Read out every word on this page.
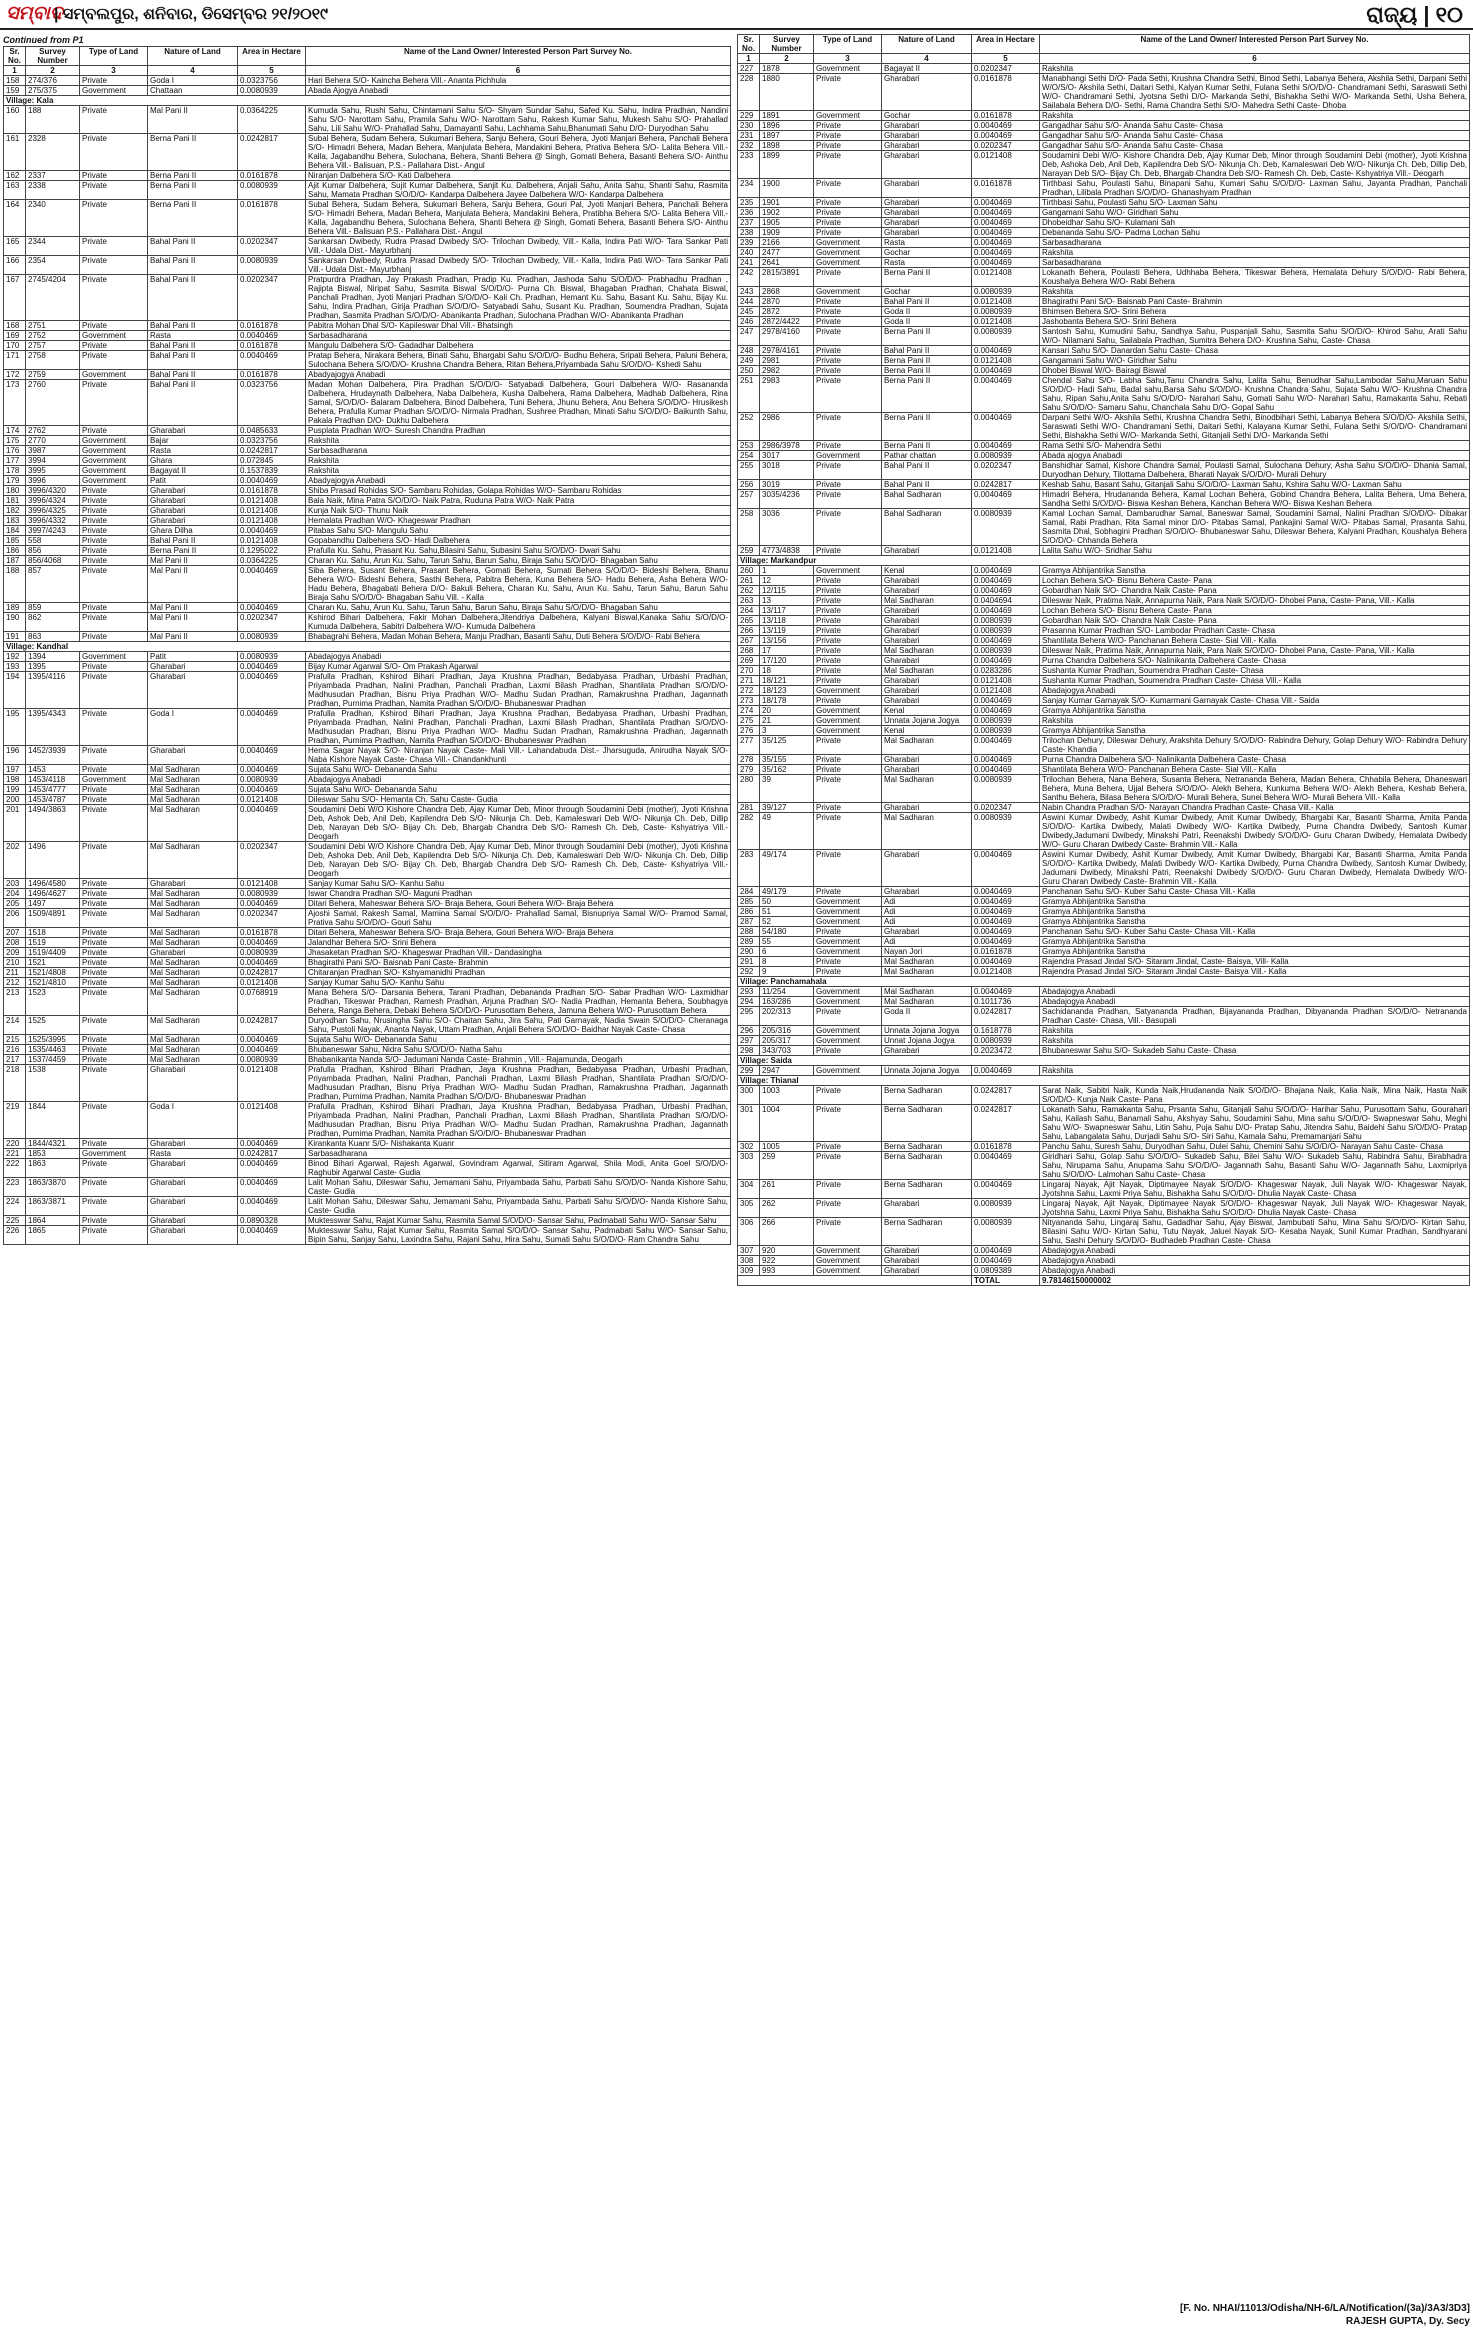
ସମ୍ବାଦ
| ସମ୍ବଲପୁର, ଶନିବାର, ଡିସେମ୍ବର ୨୧/୨୦୧୯	ରାଜ୍ୟ | ୧୦
Continued from P1
Sr. No.	Survey Number	Type of Land	Nature of Land	Area in Hectare	Name of the Land Owner/ Interested Person Part Survey No.
1	2	3	4	5	6
158	274/376	Private	Goda I	0.0323756	Hari Behera S/O- Kaincha Behera Vill.- Ananta Pichhula
159	275/375	Government	Chattaan	0.0080939	Abada Ajogya Anabadi
Village: Kala					
160	188	Private	Mal Pani II	0.0364225	Kumuda Sahu, Rushi Sahu, Chintamani Sahu S/O- Shyam Sundar Sahu, Safed Ku. Sahu, Indira Pradhan, Nandini Sahu S/O- Narottam Sahu, Pramila Sahu W/O- Narottam Sahu, Rakesh Kumar Sahu, Mukesh Sahu S/O- Prahallad Sahu, Lili Sahu W/O- Prahallad Sahu, Damayanti Sahu, Lachhama Sahu,Bhanumati Sahu D/O- Duryodhan Sahu
161	2328	Private	Berna Pani II	0.0242817	Subal Behera, Sudam Behera, Sukumari Behera, Sanju Behera, Gouri Behera, Jyoti Manjari Behera, Panchali Behera S/O- Himadri Behera, Madan Behera, Manjulata Behera, Mandakini Behera, Prativa Behera S/O- Lalita Behera Vill.- Kalla, Jagabandhu Behera, Sulochana, Behera, Shanti Behera @ Singh, Gomati Behera, Basanti Behera S/O- Ainthu Behera Vill.- Balisuan, P.S.- Pallahara Dist.- Angul
162	2337	Private	Berna Pani II	0.0161878	Niranjan Dalbehera S/O- Kati Dalbehera
163	2338	Private	Berna Pani II	0.0080939	Ajit Kumar Dalbehera, Sujit Kumar Dalbehera, Sanjit Ku. Dalbehera, Anjali Sahu, Anita Sahu, Shanti Sahu, Rasmita Sahu, Mamata Pradhan S/O/D/O- Kandarpa Dalbehera Jayee Dalbehera W/O- Kandarpa Dalbehera
164	2340	Private	Berna Pani II	0.0161878	Subal Behera, Sudam Behera, Sukumari Behera, Sanju Behera, Gouri Pal, Jyoti Manjari Behera, Panchali Behera S/O- Himadri Behera, Madan Behera, Manjulata Behera, Mandakini Behera, Pratibha Behera S/O- Lalita Behera Vill.- Kalla, Jagabandhu Behera, Sulochana Behera, Shanti Behera @ Singh, Gomati Behera, Basanti Behera S/O- Ainthu Behera Vill.- Balisuan P.S.- Pallahara Dist.- Angul
165	2344	Private	Bahal Pani II	0.0202347	Sankarsan Dwibedy, Rudra Prasad Dwibedy S/O- Trilochan Dwibedy, Vill.- Kalla, Indira Pati W/O- Tara Sankar Pati Vill.- Udala Dist.- Mayurbhanj
166	2354	Private	Bahal Pani II	0.0080939	Sankarsan Dwibedy, Rudra Prasad Dwibedy S/O- Trilochan Dwibedy, Vill.- Kalla, Indira Pati W/O- Tara Sankar Pati Vill.- Udala Dist.- Mayurbhanj
167	2745/4204	Private	Bahal Pani II	0.0202347	Pratpurdra Pradhan, Jay Prakash Pradhan, Pradip Ku. Pradhan, Jashoda Sahu S/O/D/O- Prabhadhu Pradhan , Rajipta Biswal, Niripat Sahu, Sasmita Biswal S/O/D/O- Purna Ch. Biswal, Bhagaban Pradhan, Chahata Biswal, Panchali Pradhan, Jyoti Manjari Pradhan S/O/D/O- Kali Ch. Pradhan, Hemant Ku. Sahu, Basant Ku. Sahu, Bijay Ku. Sahu, Indira Pradhan, Girija Pradhan S/O/D/O- Satyabadi Sahu, Susant Ku. Pradhan, Soumendra Pradhan, Sujata Pradhan, Sasmita Pradhan S/O/D/O- Abanikanta Pradhan, Sulochana Pradhan W/O- Abanikanta Pradhan
168	2751	Private	Bahal Pani II	0.0161878	Pabitra Mohan Dhal S/O- Kapileswar Dhal Vill.- Bhatsingh
169	2752	Government	Rasta	0.0040469	Sarbasadharana
170	2757	Private	Bahal Pani II	0.0161878	Mangulu Dalbehera S/O- Gadadhar Dalbehera
171	2758	Private	Bahal Pani II	0.0040469	Pratap Behera, Nirakara Behera, Binati Sahu, Bhargabi Sahu S/O/D/O- Budhu Behera, Sripati Behera, Paluni Behera, Sulochana Behera S/O/D/O- Krushna Chandra Behera, Ritan Behera,Priyambada Sahu S/O/D/O- Kshedi Sahu
172	2759	Government	Bahal Pani II	0.0161878	Abadyajogya Anabadi
173	2760	Private	Bahal Pani II	0.0323756	Madan Mohan Dalbehera, Pira Pradhan S/O/D/O- Satyabadi Dalbehera, Gouri Dalbehera W/O- Rasananda Dalbehera, Hrudaynath Dalbehera, Naba Dalbehera, Kusha Dalbehera, Rama Dalbehera, Madhab Dalbehera, Rina Samal, S/O/D/O- Balaram Dalbehera, Binod Dalbehera, Tuni Behera, Jhunu Behera, Anu Behera S/O/D/O- Hrusikesh Behera, Prafulla Kumar Pradhan S/O/D/O- Nirmala Pradhan, Sushree Pradhan, Minati Sahu S/O/D/O- Baikunth Sahu, Pakala Pradhan D/O- Dukhu Dalbehera
174	2762	Private	Gharabari	0.0485633	Pusplata Pradhan W/O- Suresh Chandra Pradhan
175	2770	Government	Bajar	0.0323756	Rakshita
176	3987	Government	Rasta	0.0242817	Sarbasadharana
177	3994	Government	Ghara	0.072845	Rakshita
178	3995	Government	Bagayat II	0.1537839	Rakshita
179	3996	Government	Patit	0.0040469	Abadyajogya Anabadi
180	3996/4320	Private	Gharabari	0.0161878	Shiba Prasad Rohidas S/O- Sambaru Rohidas, Golapa Rohidas W/O- Sambaru Rohidas
181	3996/4324	Private	Gharabari	0.0121408	Bala Naik, Mina Patra S/O/D/O- Naik Patra, Ruduna Patra W/O- Naik Patra
182	3996/4325	Private	Gharabari	0.0121408	Kunja Naik S/O- Thunu Naik
183	3996/4332	Private	Gharabari	0.0121408	Hemalata Pradhan W/O- Khageswar Pradhan
184	3997/4243	Private	Ghara Dilha	0.0040469	Pitabas Sahu S/O- Mangulu Sahu
185	558	Private	Bahal Pani II	0.0121408	Gopabandhu Dalbehera S/O- Hadi Dalbehera
186	856	Private	Berna Pani II	0.1295022	Prafulla Ku. Sahu, Prasant Ku. Sahu,Bilasini Sahu, Subasini Sahu S/O/D/O- Dwari Sahu
187	856/4068	Private	Mal Pani II	0.0364225	Charan Ku. Sahu, Arun Ku. Sahu, Tarun Sahu, Barun Sahu, Biraja Sahu S/O/D/O- Bhagaban Sahu
188	857	Private	Mal Pani II	0.0040469	Siba Behera, Susant Behera, Prasant Behera, Gomati Behera, Sumati Behera S/O/D/O- Bideshi Behera, Bhanu Behera W/O- Bideshi Behera, Sasthi Behera, Pabitra Behera, Kuna Behera S/O- Hadu Behera, Asha Behera W/O- Hadu Behera, Bhagabati Behera D/O- Bakuli Behera, Charan Ku. Sahu, Arun Ku. Sahu, Tarun Sahu, Barun Sahu Biraja Sahu S/O/D/O- Bhagaban Sahu Vill. - Kalla
189	859	Private	Mal Pani II	0.0040469	Charan Ku. Sahu, Arun Ku. Sahu, Tarun Sahu, Barun Sahu, Biraja Sahu S/O/D/O- Bhagaban Sahu
190	862	Private	Mal Pani II	0.0202347	Kshirod Bihari Dalbehera, Fakir Mohan Dalbehera,Jitendriya Dalbehera, Kalyani Biswal,Kanaka Sahu S/O/D/O- Kumuda Dalbehera, Sabitri Dalbehera W/O- Kumuda Dalbehera
191	863	Private	Mal Pani II	0.0080939	Bhabagrahi Behera, Madan Mohan Behera, Manju Pradhan, Basanti Sahu, Duti Behera S/O/D/O- Rabi Behera
Village: Kandhal					
192	1394	Government	Patit	0.0080939	Abadajogya Anabadi
193	1395	Private	Gharabari	0.0040469	Bijay Kumar Agarwal S/O- Om Prakash Agarwal
194	1395/4116	Private	Gharabari	0.0040469	Prafulla Pradhan, Kshirod Bihari Pradhan, Jaya Krushna Pradhan, Bedabyasa Pradhan, Urbashi Pradhan, Priyambada Pradhan, Nalini Pradhan, Panchali Pradhan, Laxmi Bilash Pradhan, Shantilata Pradhan S/O/D/O- Madhusudan Pradhan, Bisnu Priya Pradhan W/O- Madhu Sudan Pradhan, Ramakrushna Pradhan, Jagannath Pradhan, Purnima Pradhan, Namita Pradhan S/O/D/O- Bhubaneswar Pradhan
195	1395/4343	Private	Goda I	0.0040469	Prafulla Pradhan, Kshirod Bihari Pradhan, Jaya Krushna Pradhan, Bedabyasa Pradhan, Urbashi Pradhan, Priyambada Pradhan, Nalini Pradhan, Panchali Pradhan, Laxmi Bilash Pradhan, Shantilata Pradhan S/O/D/O- Madhusudan Pradhan, Bisnu Priya Pradhan W/O- Madhu Sudan Pradhan, Ramakrushna Pradhan, Jagannath Pradhan, Purnima Pradhan, Namita Pradhan S/O/D/O- Bhubaneswar Pradhan
196	1452/3939	Private	Gharabari	0.0040469	Hema Sagar Nayak S/O- Niranjan Nayak Caste- Mali Vill.- Lahandabuda Dist.- Jharsuguda, Anirudha Nayak S/O- Naba Kishore Nayak Caste- Chasa Vill.- Chandankhunti
197	1453	Private	Mal Sadharan	0.0040469	Sujata Sahu W/O- Debananda Sahu
198	1453/4118	Government	Mal Sadharan	0.0080939	Abadajogya Anabadi
199	1453/4777	Private	Mal Sadharan	0.0040469	Sujata Sahu W/O- Debananda Sahu
200	1453/4787	Private	Mal Sadharan	0.0121408	Dileswar Sahu S/O- Hemanta Ch. Sahu Caste- Gudia
201	1494/3863	Private	Mal Sadharan	0.0040469	Soudamini Debi W/O Kishore Chandra Deb, Ajay Kumar Deb, Minor through Soudamini Debi (mother), Jyoti Krishna Deb, Ashok Deb, Anil Deb, Kapilendra Deb S/O- Nikunja Ch. Deb, Kamaleswari Deb W/O- Nikunja Ch. Deb, Dillip Deb, Narayan Deb S/O- Bijay Ch. Deb, Bhargab Chandra Deb S/O- Ramesh Ch. Deb, Caste- Kshyatriya Vill.- Deogarh
202	1496	Private	Mal Sadharan	0.0202347	Soudamini Debi W/O Kishore Chandra Deb, Ajay Kumar Deb, Minor through Soudamini Debi (mother), Jyoti Krishna Deb, Ashoka Deb, Anil Deb, Kapilendra Deb S/O- Nikunja Ch. Deb, Kamaleswari Deb W/O- Nikunja Ch. Deb, Dillip Deb, Narayan Deb S/O- Bijay Ch. Deb, Bhargab Chandra Deb S/O- Ramesh Ch. Deb, Caste- Kshyatriya Vill.- Deogarh
203	1496/4580	Private	Gharabari	0.0121408	Sanjay Kumar Sahu S/O- Kanhu Sahu
204	1496/4627	Private	Mal Sadharan	0.0080939	Iswar Chandra Pradhan S/O- Maguni Pradhan
205	1497	Private	Mal Sadharan	0.0040469	Ditari Behera, Maheswar Behera S/O- Braja Behera, Gouri Behera W/O- Braja Behera
206	1509/4891	Private	Mal Sadharan	0.0202347	Ajoshi Samal, Rakesh Samal, Mamina Samal S/O/D/O- Prahallad Samal, Bisnupriya Samal W/O- Pramod Samal, Prativa Sahu S/O/D/O- Gouri Sahu
207	1518	Private	Mal Sadharan	0.0161878	Ditari Behera, Maheswar Behera S/O- Braja Behera, Gouri Behera W/O- Braja Behera
208	1519	Private	Mal Sadharan	0.0040469	Jalandhar Behera S/O- Srini Behera
209	1519/4409	Private	Gharabari	0.0080939	Jhasaketan Pradhan S/O- Khageswar Pradhan Vill.- Dandasingha
210	1521	Private	Mal Sadharan	0.0040469	Bhagirathi Pani S/O- Baisnab Pani Caste- Brahmin
211	1521/4808	Private	Mal Sadharan	0.0242817	Chitaranjan Pradhan S/O- Kshyamanidhi Pradhan
212	1521/4810	Private	Mal Sadharan	0.0121408	Sanjay Kumar Sahu S/O- Kanhu Sahu
213	1523	Private	Mal Sadharan	0.0768919	Mana Behera S/O- Darsania Behera, Tarani Pradhan, Debananda Pradhan S/O- Sabar Pradhan W/O- Laxmidhar Pradhan, Tikeswar Pradhan, Ramesh Pradhan, Arjuna Pradhan S/O- Nadia Pradhan, Hemanta Behera, Soubhagya Behera, Ranga Behera, Debaki Behera S/O/D/O- Purusottam Behera, Jamuna Behera W/O- Purusottam Behera
214	1525	Private	Mal Sadharan	0.0242817	Duryodhan Sahu, Nrusingha Sahu S/O- Chaitan Sahu, Jira Sahu, Pati Garnayak, Nadia Swain S/O/D/O- Cheranaga Sahu, Pustoli Nayak, Ananta Nayak, Uttam Pradhan, Anjali Behera S/O/D/O- Baidhar Nayak Caste- Chasa
215	1525/3995	Private	Mal Sadharan	0.0040469	Sujata Sahu W/O- Debananda Sahu
216	1535/4463	Private	Mal Sadharan	0.0040469	Bhubaneswar Sahu, Nidra Sahu S/O/D/O- Natha Sahu
217	1537/4459	Private	Mal Sadharan	0.0080939	Bhabanikanta Nanda S/O- Jadumani Nanda Caste- Brahmin , Vill.- Rajamunda, Deogarh
218	1538	Private	Gharabari	0.0121408	Prafulla Pradhan, Kshirod Bihari Pradhan, Jaya Krushna Pradhan, Bedabyasa Pradhan, Urbashi Pradhan, Priyambada Pradhan, Nalini Pradhan, Panchali Pradhan, Laxmi Bilash Pradhan, Shantilata Pradhan S/O/D/O- Madhusudan Pradhan, Bisnu Priya Pradhan W/O- Madhu Sudan Pradhan, Ramakrushna Pradhan, Jagannath Pradhan, Purnima Pradhan, Namita Pradhan S/O/D/O- Bhubaneswar Pradhan
219	1844	Private	Goda I	0.0121408	Prafulla Pradhan, Kshirod Bihari Pradhan, Jaya Krushna Pradhan, Bedabyasa Pradhan, Urbashi Pradhan, Priyambada Pradhan, Nalini Pradhan, Panchali Pradhan, Laxmi Bilash Pradhan, Shantilata Pradhan S/O/D/O- Madhusudan Pradhan, Bisnu Priya Pradhan W/O- Madhu Sudan Pradhan, Ramakrushna Pradhan, Jagannath Pradhan, Purnima Pradhan, Namita Pradhan S/O/D/O- Bhubaneswar Pradhan
220	1844/4321	Private	Gharabari	0.0040469	Kirankanta Kuanr S/O- Nishakanta Kuanr
221	1853	Government	Rasta	0.0242817	Sarbasadharana
222	1863	Private	Gharabari	0.0040469	Binod Bihari Agarwal, Rajesh Agarwal, Govindram Agarwal, Sitiram Agarwal, Shila Modi, Anita Goel S/O/D/O- Raghubir Agarwal Caste- Gudia
223	1863/3870	Private	Gharabari	0.0040469	Lalit Mohan Sahu, Dileswar Sahu, Jemamani Sahu, Priyambada Sahu, Parbati Sahu S/O/D/O- Nanda Kishore Sahu, Caste- Gudia
224	1863/3871	Private	Gharabari	0.0040469	Lalit Mohan Sahu, Dileswar Sahu, Jemamani Sahu, Priyambada Sahu, Parbati Sahu S/O/D/O- Nanda Kishore Sahu, Caste- Gudia
225	1864	Private	Gharabari	0.0890328	Muktesswar Sahu, Rajat Kumar Sahu, Rasmita Samal S/O/D/O- Sansar Sahu, Padmabati Sahu W/O- Sansar Sahu
226	1865	Private	Gharabari	0.0040469	Muktesswar Sahu, Rajat Kumar Sahu, Rasmita Samal S/O/D/O- Sansar Sahu, Padmabati Sahu W/O- Sansar Sahu, Bipin Sahu, Sanjay Sahu, Laxindra Sahu, Rajani Sahu, Hira Sahu, Sumati Sahu S/O/D/O- Ram Chandra Sahu
Sr. No.	Survey Number	Type of Land	Nature of Land	Area in Hectare	Name of the Land Owner/ Interested Person Part Survey No.
1	2	3	4	5	6
227	1878	Government	Bagayat II	0.0202347	Rakshita
228	1880	Private	Gharabari	0.0161878	Manabhangi Sethi D/O- Pada Sethi, Krushna Chandra Sethi, Binod Sethi, Labanya Behera, Akshila Sethi, Darpani Sethi W/O/S/O- Akshila Sethi, Daitari Sethi, Kalyan Kumar Sethi, Fulana Sethi S/O/D/O- Chandramani Sethi, Saraswati Sethi W/O- Chandramani Sethi, Jyotsna Sethi D/O- Markanda Sethi, Bishakha Sethi W/O- Markanda Sethi, Usha Behera, Sailabala Behera D/O- Sethi, Rama Chandra Sethi S/O- Mahedra Sethi Caste- Dhoba
229	1891	Government	Gochar	0.0161878	Rakshita
230	1896	Private	Gharabari	0.0040469	Gangadhar Sahu S/O- Ananda Sahu Caste- Chasa
231	1897	Private	Gharabari	0.0040469	Gangadhar Sahu S/O- Ananda Sahu Caste- Chasa
232	1898	Private	Gharabari	0.0202347	Gangadhar Sahu S/O- Ananda Sahu Caste- Chasa
233	1899	Private	Gharabari	0.0121408	Soudamini Debi W/O- Kishore Chandra Deb, Ajay Kumar Deb, Minor through Soudamini Debi (mother), Jyoti Krishna Deb, Ashoka Deb, Anil Deb, Kapilendra Deb S/O- Nikunja Ch. Deb, Kamaleswari Deb W/O- Nikunja Ch. Deb, Dillip Deb, Narayan Deb S/O- Bijay Ch. Deb, Bhargab Chandra Deb S/O- Ramesh Ch. Deb, Caste- Kshyatriya Vill.- Deogarh
234	1900	Private	Gharabari	0.0161878	Tirthbasi Sahu, Poulasti Sahu, Binapani Sahu, Kumari Sahu S/O/D/O- Laxman Sahu, Jayanta Pradhan, Panchali Pradhan, Lilibala Pradhan S/O/D/O- Ghanashyam Pradhan
235	1901	Private	Gharabari	0.0040469	Tirthbasi Sahu, Poulasti Sahu S/O- Laxman Sahu
236	1902	Private	Gharabari	0.0040469	Gangamani Sahu W/O- Giridhari Sahu
237	1905	Private	Gharabari	0.0040469	Dhobeidhar Sahu S/O- Kulamani Sah
238	1909	Private	Gharabari	0.0040469	Debananda Sahu S/O- Padma Lochan Sahu
239	2166	Government	Rasta	0.0040469	Sarbasadharana
240	2477	Government	Gochar	0.0040469	Rakshita
241	2641	Government	Rasta	0.0040469	Sarbasadharana
242	2815/3891	Private	Berna Pani II	0.0121408	Lokanath Behera, Poulasti Behera, Udhhaba Behera, Tikeswar Behera, Hemalata Dehury S/O/D/O- Rabi Behera, Koushalya Behera W/O- Rabi Behera
243	2868	Government	Gochar	0.0080939	Rakshita
244	2870	Private	Bahal Pani II	0.0121408	Bhagirathi Pani S/O- Baisnab Pani Caste- Brahmin
245	2872	Private	Goda II	0.0080939	Bhimsen Behera S/O- Srini Behera
246	2872/4422	Private	Goda II	0.0121408	Jashobanta Behera S/O- Srini Behera
247	2978/4160	Private	Berna Pani II	0.0080939	Santosh Sahu, Kumudini Sahu, Sandhya Sahu, Puspanjali Sahu, Sasmita Sahu S/O/D/O- Khirod Sahu, Arati Sahu W/O- Nilamani Sahu, Sailabala Pradhan, Sumitra Behera D/O- Krushna Sahu, Caste- Chasa
248	2978/4161	Private	Bahal Pani II	0.0040469	Kansari Sahu S/O- Danardan Sahu Caste- Chasa
249	2981	Private	Berna Pani II	0.0121408	Gangamani Sahu W/O- Giridhar Sahu
250	2982	Private	Berna Pani II	0.0040469	Dhobei Biswal W/O- Bairagi Biswal
251	2983	Private	Berna Pani II	0.0040469	Chendal Sahu S/O- Labha Sahu,Tanu Chandra Sahu, Lalita Sahu, Benudhar Sahu,Lambodar Sahu,Maruan Sahu S/O/D/O- Hadi Sahu, Badal sahu,Barsa Sahu S/O/D/O- Krushna Chandra Sahu, Sujata Sahu W/O- Krushna Chandra Sahu, Ripan Sahu,Anita Sahu S/O/D/O- Narahari Sahu, Gomati Sahu W/O- Narahari Sahu, Ramakanta Sahu, Rebati Sahu S/O/D/O- Samaru Sahu, Chanchala Sahu D/O- Gopal Sahu
252	2986	Private	Berna Pani II	0.0040469	Darpani Sethi W/O- Akshila Sethi, Krushna Chandra Sethi, Binodbihari Sethi, Labanya Behera S/O/D/O- Akshila Sethi, Saraswati Sethi W/O- Chandramani Sethi, Daitari Sethi, Kalayana Kumar Sethi, Fulana Sethi S/O/D/O- Chandramani Sethi, Bishakha Sethi W/O- Markanda Sethi, Gitanjali Sethi D/O- Markanda Sethi
253	2986/3978	Private	Berna Pani II	0.0040469	Rama Sethi S/O- Mahendra Sethi
254	3017	Government	Pathar chattan	0.0080939	Abada ajogya Anabadi
255	3018	Private	Bahal Pani II	0.0202347	Banshidhar Samal, Kishore Chandra Samal, Poulasti Samal, Sulochana Dehury, Asha Sahu S/O/D/O- Dhania Samal, Duryodhan Dehury, Tilottama Dalbehera, Bharati Nayak S/O/D/O- Murali Dehury
256	3019	Private	Bahal Pani II	0.0242817	Keshab Sahu, Basant Sahu, Gitanjali Sahu S/O/D/O- Laxman Sahu, Kshira Sahu W/O- Laxman Sahu
257	3035/4236	Private	Bahal Sadharan	0.0040469	Himadri Behera, Hrudananda Behera, Kamal Lochan Behera, Gobind Chandra Behera, Lalita Behera, Uma Behera, Sandha Sethi S/O/D/O- Biswa Keshan Behera, Kanchan Behera W/O- Biswa Keshan Behera
258	3036	Private	Bahal Sadharan	0.0080939	Kamal Lochan Samal, Dambarudhar Samal, Baneswar Samal, Soudamini Samal, Nalini Pradhan S/O/D/O- Dibakar Samal, Rabi Pradhan, Rita Samal minor D/O- Pitabas Samal, Pankajini Samal W/O- Pitabas Samal, Prasanta Sahu, Sasmita Dhal, Sobhagini Pradhan S/O/D/O- Bhubaneswar Sahu, Dileswar Behera, Kalyani Pradhan, Koushalya Behera S/O/D/O- Chhanda Behera
259	4773/4838	Private	Gharabari	0.0121408	Lalita Sahu W/O- Sridhar Sahu
Village: Markandpur					
260	1	Government	Kenal	0.0040469	Gramya Abhijantrika Sanstha
261	12	Private	Gharabari	0.0040469	Lochan Behera S/O- Bisnu Behera Caste- Pana
262	12/115	Private	Gharabari	0.0040469	Gobardhan Naik S/O- Chandra Naik Caste- Pana
263	13	Private	Mal Sadharan	0.0404694	Dileswar Naik, Pratima Naik, Annapurna Naik, Para Naik S/O/D/O- Dhobei Pana, Caste- Pana, Vill.- Kalla
264	13/117	Private	Gharabari	0.0040469	Lochan Behera S/O- Bisnu Behera Caste- Pana
265	13/118	Private	Gharabari	0.0080939	Gobardhan Naik S/O- Chandra Naik Caste- Pana
266	13/119	Private	Gharabari	0.0080939	Prasanna Kumar Pradhan S/O- Lambodar Pradhan Caste- Chasa
267	13/156	Private	Gharabari	0.0040469	Shantilata Behera W/O- Panchanan Behera Caste- Sial Vill.- Kalla
268	17	Private	Mal Sadharan	0.0080939	Dileswar Naik, Pratima Naik, Annapurna Naik, Para Naik S/O/D/O- Dhobei Pana, Caste- Pana, Vill.- Kalla
269	17/120	Private	Gharabari	0.0040469	Purna Chandra Dalbehera S/O- Nalinikanta Dalbehera Caste- Chasa
270	18	Private	Mal Sadharan	0.0283286	Sushanta Kumar Pradhan, Soumendra Pradhan Caste- Chasa
271	18/121	Private	Gharabari	0.0121408	Sushanta Kumar Pradhan, Soumendra Pradhan Caste- Chasa Vill.- Kalla
272	18/123	Government	Gharabari	0.0121408	Abadajogya Anabadi
273	18/178	Private	Gharabari	0.0040469	Sanjay Kumar Garnayak S/O- Kumarmani Garnayak Caste- Chasa Vill.- Saida
274	20	Government	Kenal	0.0040469	Gramya Abhijantrika Sanstha
275	21	Government	Unnata Jojana Jogya	0.0080939	Rakshita
276	3	Government	Kenal	0.0080939	Gramya Abhijantrika Sanstha
277	35/125	Private	Mal Sadharan	0.0040469	Trilochan Dehury, Dileswar Dehury, Arakshita Dehury S/O/D/O- Rabindra Dehury, Golap Dehury W/O- Rabindra Dehury Caste- Khandia
278	35/155	Private	Gharabari	0.0040469	Purna Chandra Dalbehera S/O- Nalinikanta Dalbehera Caste- Chasa
279	35/162	Private	Gharabari	0.0040469	Shantilata Behera W/O- Panchanan Behera Caste- Sial Vill.- Kalla
280	39	Private	Mal Sadharan	0.0080939	Trilochan Behera, Nana Behera, Susanta Behera, Netrananda Behera, Madan Behera, Chhabila Behera, Dhaneswari Behera, Muna Behera, Ujjal Behera S/O/D/O- Alekh Behera, Kunkuma Behera W/O- Alekh Behera, Keshab Behera, Santhu Behera, Bilasa Behera S/O/D/O- Murali Behera, Sunei Behera W/O- Murali Behera Vill.- Kalla
281	39/127	Private	Gharabari	0.0202347	Nabin Chandra Pradhan S/O- Narayan Chandra Pradhan Caste- Chasa Vill.- Kalla
282	49	Private	Mal Sadharan	0.0080939	Aswini Kumar Dwibedy, Ashit Kumar Dwibedy, Amit Kumar Dwibedy, Bhargabi Kar, Basanti Sharma, Amita Panda S/O/D/O- Kartika Dwibedy, Malati Dwibedy W/O- Kartika Dwibedy, Purna Chandra Dwibedy, Santosh Kumar Dwibedy,Jadumani Dwibedy, Minakshi Patri, Reenakshi Dwibedy S/O/D/O- Guru Charan Dwibedy, Hemalata Dwibedy W/O- Guru Charan Dwibedy Caste- Brahmin Vill.- Kalla
283	49/174	Private	Gharabari	0.0040469	Aswini Kumar Dwibedy, Ashit Kumar Dwibedy, Amit Kumar Dwibedy, Bhargabi Kar, Basanti Sharma, Amita Panda S/O/D/O- Kartika Dwibedy, Malati Dwibedy W/O- Kartika Dwibedy, Purna Chandra Dwibedy, Santosh Kumar Dwibedy, Jadumani Dwibedy, Minakshi Patri, Reenakshi Dwibedy S/O/D/O- Guru Charan Dwibedy, Hemalata Dwibedy W/O- Guru Charan Dwibedy Caste- Brahmin Vill.- Kalla
284	49/179	Private	Gharabari	0.0040469	Panchanan Sahu S/O- Kuber Sahu Caste- Chasa Vill.- Kalla
285	50	Government	Adi	0.0040469	Gramya Abhijantrika Sanstha
286	51	Government	Adi	0.0040469	Gramya Abhijantrika Sanstha
287	52	Government	Adi	0.0040469	Gramya Abhijantrika Sanstha
288	54/180	Private	Gharabari	0.0040469	Panchanan Sahu S/O- Kuber Sahu Caste- Chasa Vill.- Kalla
289	55	Government	Adi	0.0040469	Gramya Abhijantrika Sanstha
290	6	Government	Nayan Jori	0.0161878	Gramya Abhijantrika Sanstha
291	8	Private	Mal Sadharan	0.0040469	Rajendra Prasad Jindal S/O- Sitaram Jindal, Caste- Baisya, Vill- Kalla
292	9	Private	Mal Sadharan	0.0121408	Rajendra Prasad Jindal S/O- Sitaram Jindal Caste- Baisya Vill.- Kalla
Village: Panchamahala					
293	11/254	Government	Mal Sadharan	0.0040469	Abadajogya Anabadi
294	163/286	Government	Mal Sadharan	0.1011736	Abadajogya Anabadi
295	202/313	Private	Goda II	0.0242817	Sachidananda Pradhan, Satyananda Pradhan, Bijayananda Pradhan, Dibyananda Pradhan S/O/D/O- Netrananda Pradhan Caste- Chasa, Vill.- Basupali
296	205/316	Government	Unnata Jojana Jogya	0.1618778	Rakshita
297	205/317	Government	Unnat Jojana Jogya	0.0080939	Rakshita
298	343/703	Private	Gharabari	0.2023472	Bhubaneswar Sahu S/O- Sukadeb Sahu Caste- Chasa
Village: Saida					
299	2947	Government	Unnata Jojana Jogya	0.0040469	Rakshita
Village: Thianal					
300	1003	Private	Berna Sadharan	0.0242817	Sarat Naik, Sabitri Naik, Kunda Naik,Hrudananda Naik S/O/D/O- Bhajana Naik, Kalia Naik, Mina Naik, Hasta Naik S/O/D/O- Kunja Naik Caste- Pana
301	1004	Private	Berna Sadharan	0.0242817	Lokanath Sahu, Ramakanta Sahu, Prsanta Sahu, Gitanjali Sahu S/O/D/O- Harihar Sahu, Purusottam Sahu, Gourahari Sahu, Kailash Sahu, Banamali Sahu, Akshyay Sahu, Soudamini Sahu, Mina sahu S/O/D/O- Swapneswar Sahu, Meghi Sahu W/O- Swapneswar Sahu, Litin Sahu, Puja Sahu D/O- Pratap Sahu, Jitendra Sahu, Baidehi Sahu S/O/D/O- Pratap Sahu, Labangalata Sahu, Durjadi Sahu S/O- Siri Sahu, Kamala Sahu, Premamanjari Sahu
302	1005	Private	Berna Sadharan	0.0161878	Panchu Sahu, Suresh Sahu, Duryodhan Sahu, Dulei Sahu, Chemini Sahu S/O/D/O- Narayan Sahu Caste- Chasa
303	259	Private	Berna Sadharan	0.0040469	Giridhari Sahu, Golap Sahu S/O/D/O- Sukadeb Sahu, Bilei Sahu W/O- Sukadeb Sahu, Rabindra Sahu, Birabhadra Sahu, Nirupama Sahu, Anupama Sahu S/O/D/O- Jagannath Sahu, Basanti Sahu W/O- Jagannath Sahu, Laxmipriya Sahu S/O/D/O- Lalmohan Sahu Caste- Chasa
304	261	Private	Berna Sadharan	0.0040469	Lingaraj Nayak, Ajit Nayak, Diptimayee Nayak S/O/D/O- Khageswar Nayak, Juli Nayak W/O- Khageswar Nayak, Jyotshna Sahu, Laxmi Priya Sahu, Bishakha Sahu S/O/D/O- Dhulia Nayak Caste- Chasa
305	262	Private	Gharabari	0.0080939	Lingaraj Nayak, Ajit Nayak, Diptimayee Nayak S/O/D/O- Khageswar Nayak, Juli Nayak W/O- Khageswar Nayak, Jyotshna Sahu, Laxmi Priya Sahu, Bishakha Sahu S/O/D/O- Dhulia Nayak Caste- Chasa
306	266	Private	Berna Sadharan	0.0080939	Nityananda Sahu, Lingaraj Sahu, Gadadhar Sahu, Ajay Biswal, Jambubati Sahu, Mina Sahu S/O/D/O- Kirtan Sahu, Bilasini Sahu W/O- Kirtan Sahu, Tutu Nayak, Jaluel Nayak S/O- Kesaba Nayak, Sunil Kumar Pradhan, Sandhyarani Sahu, Sashi Dehury S/O/D/O- Budhadeb Pradhan Caste- Chasa
307	920	Government	Gharabari	0.0040469	Abadajogya Anabadi
308	922	Government	Gharabari	0.0040469	Abadajogya Anabadi
309	993	Government	Gharabari	0.0809389	Abadajogya Anabadi
				TOTAL	9.78146150000002
[F. No. NHAI/11013/Odisha/NH-6/LA/Notification/(3a)/3A3/3D3]
RAJESH GUPTA, Dy. Secy
